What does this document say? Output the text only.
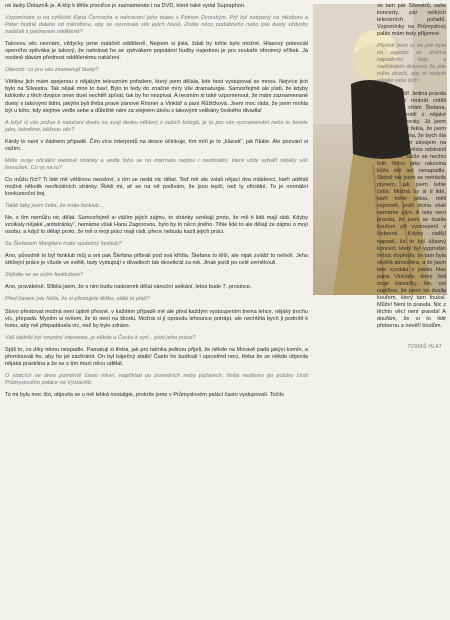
né lásky Dotazník je. A klip k těhle písničce je zaznamenán i na DVD, které také vydal Supraphon.

Vzpomínám si na cyklické Karla Černocha a nahrávání jeho duetu s Petrem Dvorským. Prý byl natrpený na nikofonu a Peter hodně daleko od mikrofonu, aby se vyrovnala síla jejich hlasů. Znáte něco podobného nebo jste duety vždycky natáčeli s partnerem odděleně?

Takovou věc neznám, vždycky jsme natáčeli odděleně. Nejsem si jistá, ždali by tohle bylo možné. Hlasový potenciál operního zpěváka je takový, že nahrávat ho se zpěvákem populární hudby najednou je pro zvukaře ohromný oříšek. Já osobně dávám přednost oddělenému natáčení.

Obecně: co pro vás znamenají duety?

Většinu jich mám spojenou s nějakým televizním pořadem, který jsem dělala, kde host vystupoval se mnou. Nejvíce jich bylo na Silvestra. Tak nějak mne to baví. Bylo to tedy do značné míry vše dramaturgie. Samozřejmě ale platí, že kdyby kdokoliv z těch dvojice onen duet nechtěl zpívat, tak by ho nezpíval. A nesmím si také vzpomenout, že mám zaznamenané duety s takovými lidmi, jakými byli třeba pravé pánové Rösner a Vinklář a paní Růžičková. Jsem moc ráda, že jsem mohla být u toho, kdy stojíme vedle sebe a důležité nám za stejnem úkolu s takovými velikány českého divadla!

A když si vás požve k natočení duetu na svoji desku některý z vašich kolegů, je to pro vás vyznamenání nebo to berete jako, řekněme, běžnou věc?

Kiedy to není v žádném případě. Čím více interpretů na desce účinkuje, tím míň je to „klacek“, jak říkáte. Ale pozvání si vážím.

Máte svoje oficiální webové stránky a vedle toho se na internetu nejdou i neoficiální, které vždy vytváří nějaký váš fanoušek. Co vy na to?

Co můžu říct? Ti lidé mě většinou neosloví, s tím se nedá nic dělat. Teď mě ale volali nějací dva mládenci, kteří udělali možná několik neoficiálních stránky. Řekli mi, ať se na ně podívám, že jsou lepší, než ty oficiální. To je normální konkurenční boj.

Taktě taky jsem četla, že máte fanklub...

Ne, s tím nemůžu nic dělat. Samozřejmě si vážím jejich zájmu, to stránky vznikají proto, že mě ti lidé mají rádi. Kdyby vznikaly nějaké „antistránky“, nemáme však Hanu Zagorovou, bylo by to něco jiného. Tihle lidé to ale dělají ze zájmu o mojí osobu; a když to dělají proto, že mě o moji práci mají rádi, přece nebudu kazit jejich práci.

Se Štefanem Margitem máte společný fanklub?

Ano, původně to byl fanklub můj a oni pak Štefana přibrali pod svá křídla. Štefana to těší, ale nijak zvlášť to neřeší. Jeho stěžejní práce je všude ve světě, tady vystupují v divadlech tak desetkrát za rok. Jinak jezdí po celé zeměkouli.

Stýkáte se se svým fanklubem?

Ano, pravidelně. Slíbila jsem, že s nim budu nadosmrti dělat vánoční setkání, letos bude 7. prosince.

Před časem jste řekla, že si přestujete těžko, stále to platí?

Slovo přestovat možná není úplně přesné, v každém případě mě ale před každým vystoupením trema lehce, nějaký trochu víc, přepadá. Myslím si ovšem, že to není na škodu. Možná si ji opravdu lehounce potrápí, ale nechtěla bych ji podnítit k tomu, aby mě přepadávala víc, než by bylo zdrávo.

Váš taktnět byl smyslný inteviewu, je někde u Česku k vyd... píod jeho práce?

Spíš to, co díky němu nespadlo. Pamatuji si třeba, jak pro tatínka jedinou přijeli, že někde na Moravě padá jakýsi komín, a přemlouvali ho, aby ho jel zachránit. On byl báječný statik! Často ho budívali i uprostřed noci, třeba že se někde objevila nějaká prasklina a že se s tím musí něco udělat.

O statcích se dnes poměrně často mluví, například po povodních nebo požárech; třeba nedávno po požáru části Průmyslového paláce na Výstavišti.

To mi bylo moc líto, objevila se u mě lehká nostalgie, protože jsme v Průmyslovém paláci často vystupovali. Točilo

se tam pár Silvestrů, naše koncerty, pár velkých televizních pořadů. Vzpomínky na Průmyslový palác mám tedy příjemné.

Přečetl jsem si, že jste byla na agentci se dvěma nápadními šaty a nadhledem dokonce že jste měla strach, aby to nebylo nějaké vaše kýčí.

Lež jako věž! Jediná pravda je, že mě tenkrát chtěli nafotit, jak vítám Štefana, když se vrátil z nějaké zahraniční cesty. Já jsem na to tenkrát řekla, že jsem si před nevěsta, že bych šla se svatebním závojem na hrad, jako nevěsta odstranit znaménko, takže se nechci fotit. Něco jako rakovina kůže mě ani nenapadlo. Stejně tak jsem se netrávila plynem, jak jsem tuhle četla. Možná by si ti lidé, kteří tohle píšou, měli vzpomět, jestli doma však nemáme plyn. A taky není pravda, že jsem se dusila kouřem při vystoupení v Hybernii. Kdyby radějí napsali, že to byl úžasný koncert, který byl vyprodán měsíc dopředu; že tam byla skvělá atmosféra; a že jsem tam vyzdala z pásku hlas pana Vinkláře, který četl moje básničky. Ne, oni napíšou, že jsem se dusila kouřem, který tam foukal. Může! Není to pravda. Nic z těchto věcí není pravda! A doufám, že si to lidé přeberou a nevěří bludům.

TOMÁŠ HLAT
